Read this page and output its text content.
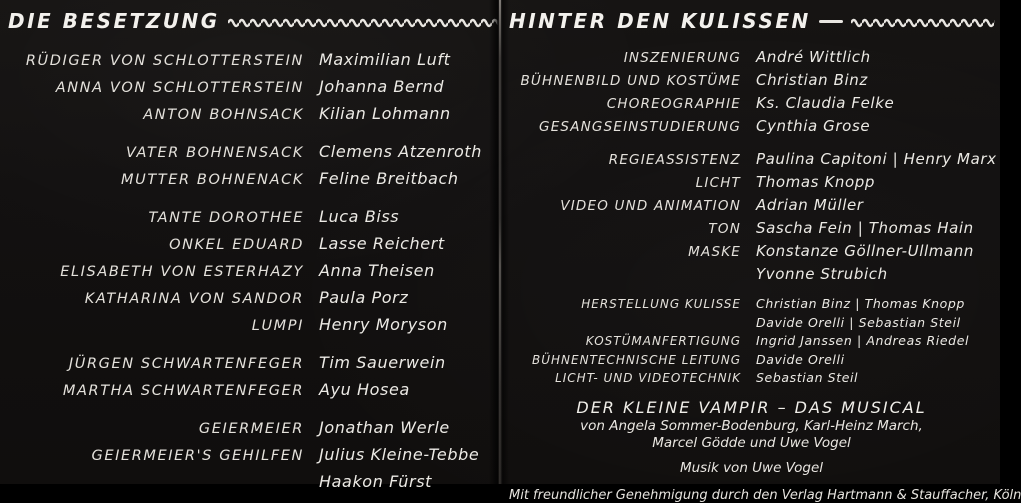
DIE BESETZUNG
RÜDIGER VON SCHLOTTERSTEIN Maximilian Luft
ANNA VON SCHLOTTERSTEIN Johanna Bernd
ANTON BOHNSACK Kilian Lohmann
VATER BOHNENSACK Clemens Atzenroth
MUTTER BOHNENACK Feline Breitbach
TANTE DOROTHEE Luca Biss
ONKEL EDUARD Lasse Reichert
ELISABETH VON ESTERHAZY Anna Theisen
KATHARINA VON SANDOR Paula Porz
LUMPI Henry Moryson
JÜRGEN SCHWARTENFEGER Tim Sauerwein
MARTHA SCHWARTENFEGER Ayu Hosea
GEIERMEIER Jonathan Werle
GEIERMEIER'S GEHILFEN Julius Kleine-Tebbe
Haakon Fürst
HINTER DEN KULISSEN
INSZENIERUNG André Wittlich
BÜHNENBILD UND KOSTÜME Christian Binz
CHOREOGRAPHIE Ks. Claudia Felke
GESANGSEINSTUDIERUNG Cynthia Grose
REGIEASSISTENZ Paulina Capitoni | Henry Marx
LICHT Thomas Knopp
VIDEO UND ANIMATION Adrian Müller
TON Sascha Fein | Thomas Hain
MASKE Konstanze Göllner-Ullmann
Yvonne Strubich
HERSTELLUNG KULISSE Christian Binz | Thomas Knopp
Davide Orelli | Sebastian Steil
KOSTÜMANFERTIGUNG Ingrid Janssen | Andreas Riedel
BÜHNENTECHNISCHE LEITUNG Davide Orelli
LICHT- UND VIDEOTECHNIK Sebastian Steil
DER KLEINE VAMPIR – DAS MUSICAL
von Angela Sommer-Bodenburg, Karl-Heinz March,
Marcel Gödde und Uwe Vogel
Musik von Uwe Vogel
Mit freundlicher Genehmigung durch den Verlag Hartmann & Stauffacher, Köln
